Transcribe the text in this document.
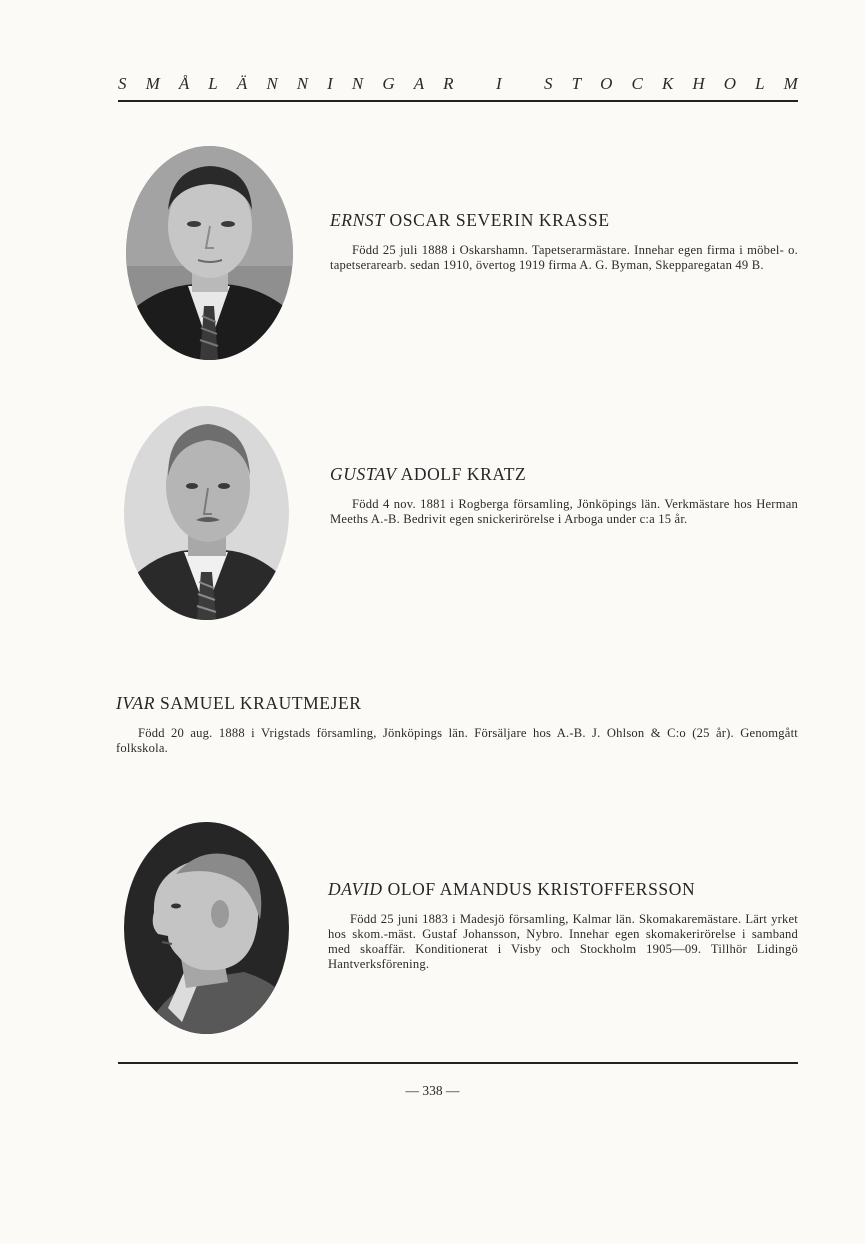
S M Å L Ä N N I N G A R
I
S T O C K H O L M

ERNST OSCAR SEVERIN KRASSE

Född 25 juli 1888 i Oskarshamn. Tapetserarmästare. Innehar egen firma i möbel- o. tapetserarearb. sedan 1910, övertog 1919 firma A. G. Byman, Skepparegatan 49 B.

GUSTAV ADOLF KRATZ

Född 4 nov. 1881 i Rogberga församling, Jönköpings län. Verkmästare hos Herman Meeths A.-B. Bedrivit egen snickerirörelse i Arboga under c:a 15 år.

IVAR SAMUEL KRAUTMEJER

Född 20 aug. 1888 i Vrigstads församling, Jönköpings län. Försäljare hos A.-B. J. Ohlson & C:o (25 år). Genomgått folkskola.

DAVID OLOF AMANDUS KRISTOFFERSSON

Född 25 juni 1883 i Madesjö församling, Kalmar län. Skomakaremästare. Lärt yrket hos skom.-mäst. Gustaf Johansson, Nybro. Innehar egen skomakerirörelse i samband med skoaffär. Konditionerat i Visby och Stockholm 1905—09. Tillhör Lidingö Hantverksförening.

— 338 —
